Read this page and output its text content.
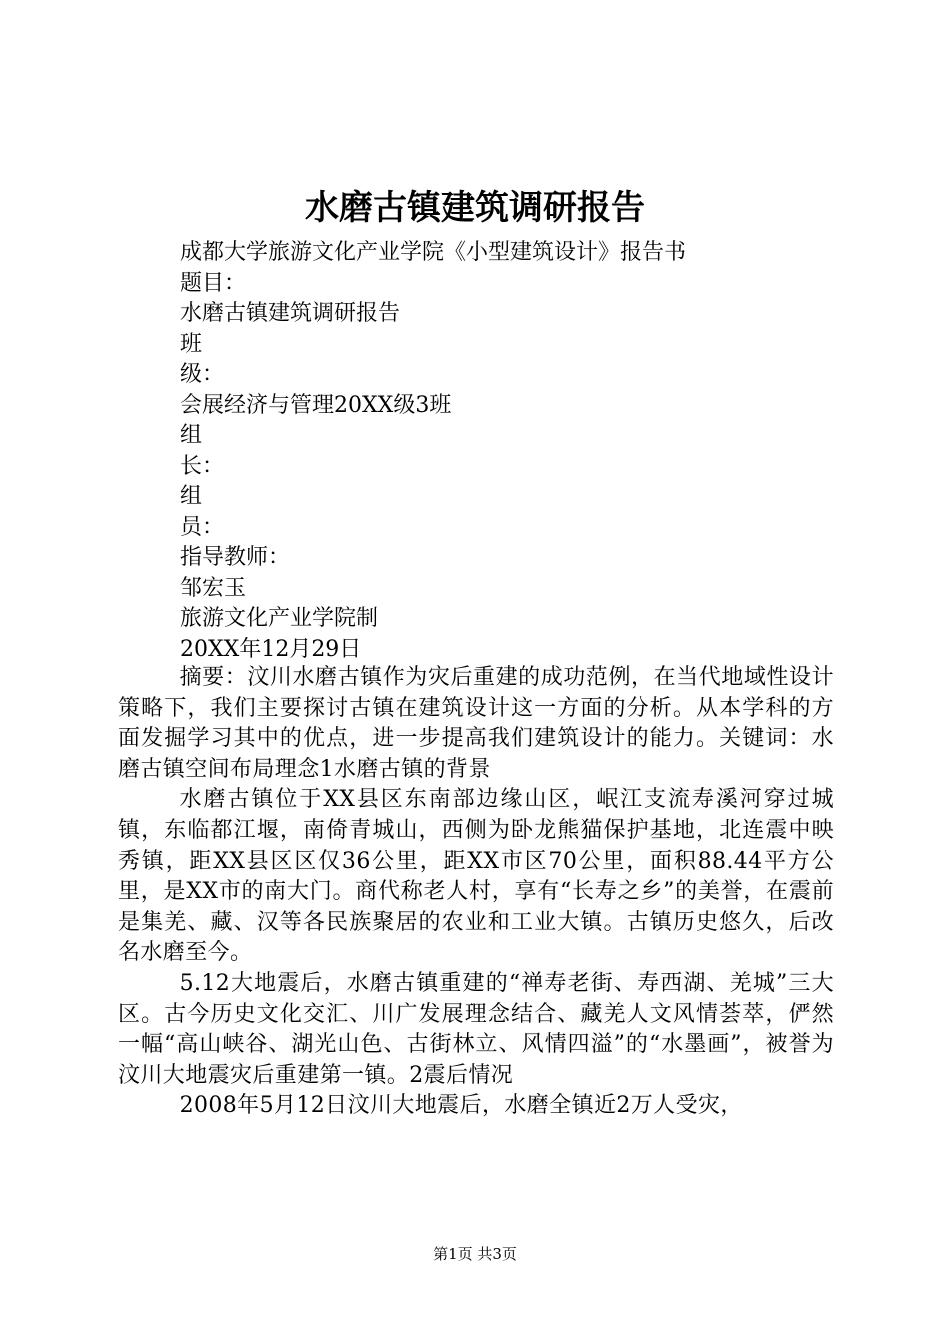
水磨古镇建筑调研报告
成都大学旅游文化产业学院《小型建筑设计》报告书
题目：
水磨古镇建筑调研报告
班
级：
会展经济与管理20XX级3班
组
长：
组
员：
指导教师：
邹宏玉
旅游文化产业学院制
20XX年12月29日

摘要：汶川水磨古镇作为灾后重建的成功范例，在当代地域性设计策略下，我们主要探讨古镇在建筑设计这一方面的分析。从本学科的方面发掘学习其中的优点，进一步提高我们建筑设计的能力。关键词：水磨古镇空间布局理念1水磨古镇的背景

水磨古镇位于XX县区东南部边缘山区，岷江支流寿溪河穿过城镇，东临都江堰，南倚青城山，西侧为卧龙熊猫保护基地，北连震中映秀镇，距XX县区区仅36公里，距XX市区70公里，面积88.44平方公里，是XX市的南大门。商代称老人村，享有“长寿之乡”的美誉，在震前是集羌、藏、汉等各民族聚居的农业和工业大镇。古镇历史悠久，后改名水磨至今。

5.12大地震后，水磨古镇重建的“禅寿老街、寿西湖、羌城”三大区。古今历史文化交汇、川广发展理念结合、藏羌人文风情荟萃，俨然一幅“高山峡谷、湖光山色、古街林立、风情四溢”的“水墨画”，被誉为汶川大地震灾后重建第一镇。2震后情况

2008年5月12日汶川大地震后，水磨全镇近2万人受灾，

第1页 共3页
